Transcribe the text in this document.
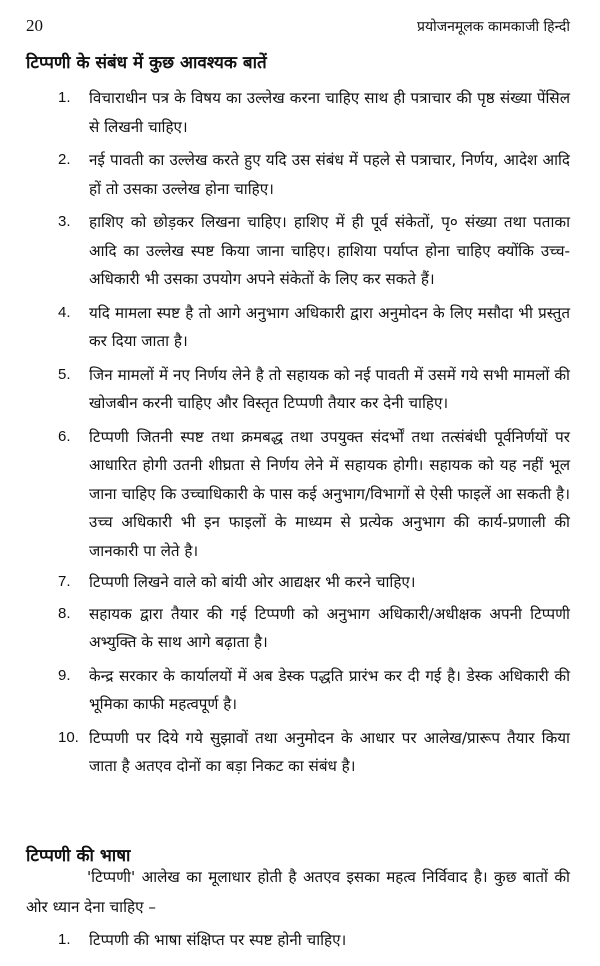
20	प्रयोजनमूलक कामकाजी हिन्दी
टिप्पणी के संबंध में कुछ आवश्यक बातें
1.	विचाराधीन पत्र के विषय का उल्लेख करना चाहिए साथ ही पत्राचार की पृष्ठ संख्या पेंसिल से लिखनी चाहिए।
2.	नई पावती का उल्लेख करते हुए यदि उस संबंध में पहले से पत्राचार, निर्णय, आदेश आदि हों तो उसका उल्लेख होना चाहिए।
3.	हाशिए को छोड़कर लिखना चाहिए। हाशिए में ही पूर्व संकेतों, पृ० संख्या तथा पताका आदि का उल्लेख स्पष्ट किया जाना चाहिए। हाशिया पर्याप्त होना चाहिए क्योंकि उच्च-अधिकारी भी उसका उपयोग अपने संकेतों के लिए कर सकते हैं।
4.	यदि मामला स्पष्ट है तो आगे अनुभाग अधिकारी द्वारा अनुमोदन के लिए मसौदा भी प्रस्तुत कर दिया जाता है।
5.	जिन मामलों में नए निर्णय लेने है तो सहायक को नई पावती में उसमें गये सभी मामलों की खोजबीन करनी चाहिए और विस्तृत टिप्पणी तैयार कर देनी चाहिए।
6.	टिप्पणी जितनी स्पष्ट तथा क्रमबद्ध तथा उपयुक्त संदर्भों तथा तत्संबंधी पूर्वनिर्णयों पर आधारित होगी उतनी शीघ्रता से निर्णय लेने में सहायक होगी। सहायक को यह नहीं भूल जाना चाहिए कि उच्चाधिकारी के पास कई अनुभाग/विभागों से ऐसी फाइलें आ सकती है। उच्च अधिकारी भी इन फाइलों के माध्यम से प्रत्येक अनुभाग की कार्य-प्रणाली की जानकारी पा लेते है।
7.	टिप्पणी लिखने वाले को बांयी ओर आद्यक्षर भी करने चाहिए।
8.	सहायक द्वारा तैयार की गई टिप्पणी को अनुभाग अधिकारी/अधीक्षक अपनी टिप्पणी अभ्युक्ति के साथ आगे बढ़ाता है।
9.	केन्द्र सरकार के कार्यालयों में अब डेस्क पद्धति प्रारंभ कर दी गई है। डेस्क अधिकारी की भूमिका काफी महत्वपूर्ण है।
10. टिप्पणी पर दिये गये सुझावों तथा अनुमोदन के आधार पर आलेख/प्रारूप तैयार किया जाता है अतएव दोनों का बड़ा निकट का संबंध है।
टिप्पणी की भाषा

'टिप्पणी' आलेख का मूलाधार होती है अतएव इसका महत्व निर्विवाद है। कुछ बातों की ओर ध्यान देना चाहिए –

1.	टिप्पणी की भाषा संक्षिप्त पर स्पष्ट होनी चाहिए।
